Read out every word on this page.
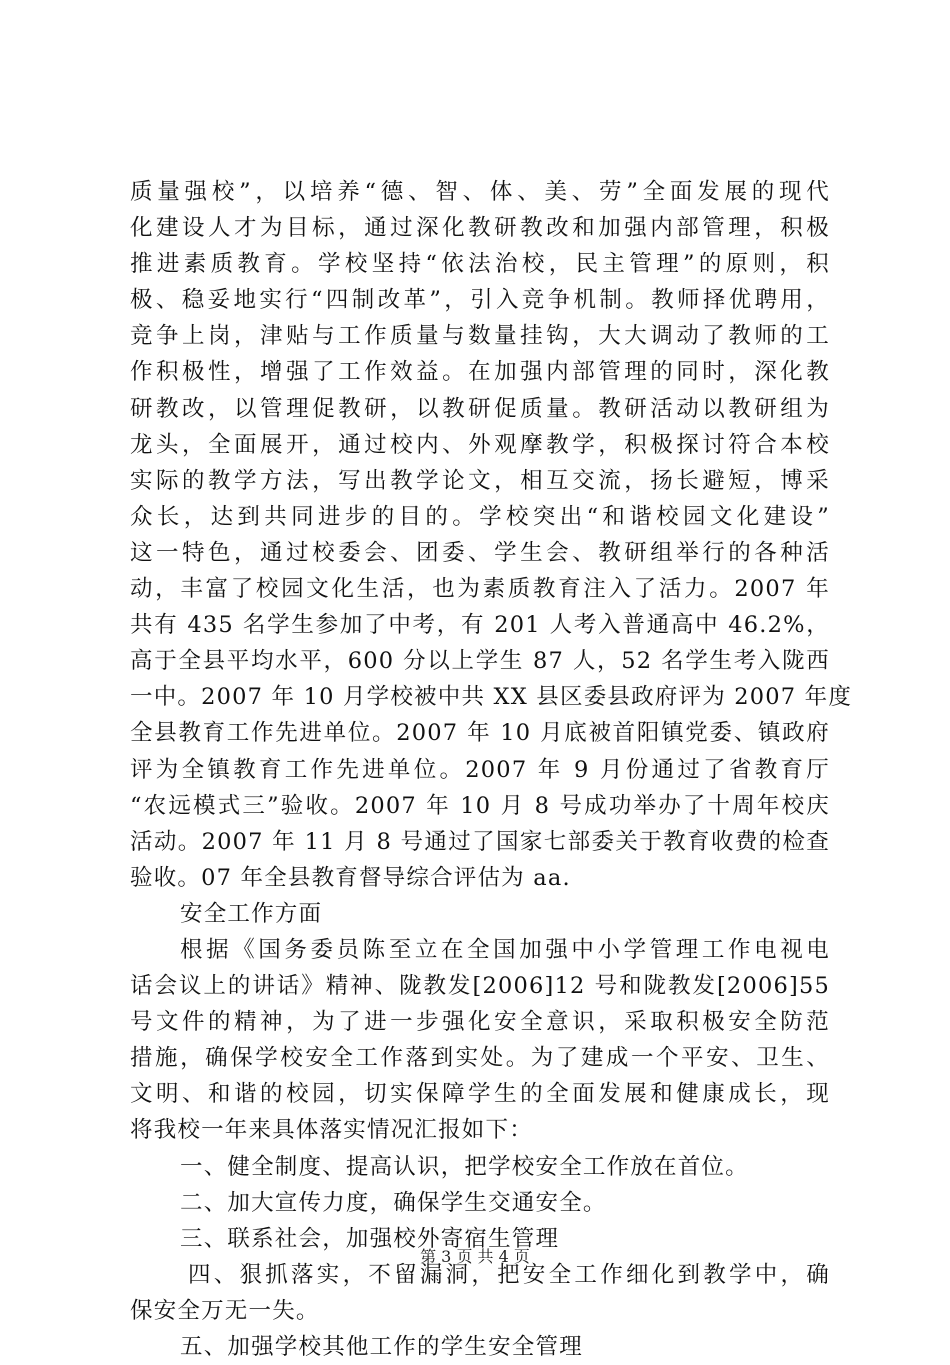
质量强校”，以培养“德、智、体、美、劳”全面发展的现代
化建设人才为目标，通过深化教研教改和加强内部管理，积极
推进素质教育。学校坚持“依法治校，民主管理”的原则，积
极、稳妥地实行“四制改革”，引入竞争机制。教师择优聘用，
竞争上岗，津贴与工作质量与数量挂钩，大大调动了教师的工
作积极性，增强了工作效益。在加强内部管理的同时，深化教
研教改，以管理促教研，以教研促质量。教研活动以教研组为
龙头，全面展开，通过校内、外观摩教学，积极探讨符合本校
实际的教学方法，写出教学论文，相互交流，扬长避短，博采
众长，达到共同进步的目的。学校突出“和谐校园文化建设”
这一特色，通过校委会、团委、学生会、教研组举行的各种活
动，丰富了校园文化生活，也为素质教育注入了活力。2007 年
共有 435 名学生参加了中考，有 201 人考入普通高中 46.2%，
高于全县平均水平，600 分以上学生 87 人，52 名学生考入陇西
一中。2007 年 10 月学校被中共 XX 县区委县政府评为 2007 年度
全县教育工作先进单位。2007 年 10 月底被首阳镇党委、镇政府
评为全镇教育工作先进单位。2007 年 9 月份通过了省教育厅
“农远模式三”验收。2007 年 10 月 8 号成功举办了十周年校庆
活动。2007 年 11 月 8 号通过了国家七部委关于教育收费的检查
验收。07 年全县教育督导综合评估为 aa.
安全工作方面
根据《国务委员陈至立在全国加强中小学管理工作电视电
话会议上的讲话》精神、陇教发[2006]12 号和陇教发[2006]55
号文件的精神，为了进一步强化安全意识，采取积极安全防范
措施，确保学校安全工作落到实处。为了建成一个平安、卫生、
文明、和谐的校园，切实保障学生的全面发展和健康成长，现
将我校一年来具体落实情况汇报如下：
一、健全制度、提高认识，把学校安全工作放在首位。
二、加大宣传力度，确保学生交通安全。
三、联系社会，加强校外寄宿生管理
四、狠抓落实，不留漏洞，把安全工作细化到教学中，确
保安全万无一失。
五、加强学校其他工作的学生安全管理
第 3 页 共 4 页
